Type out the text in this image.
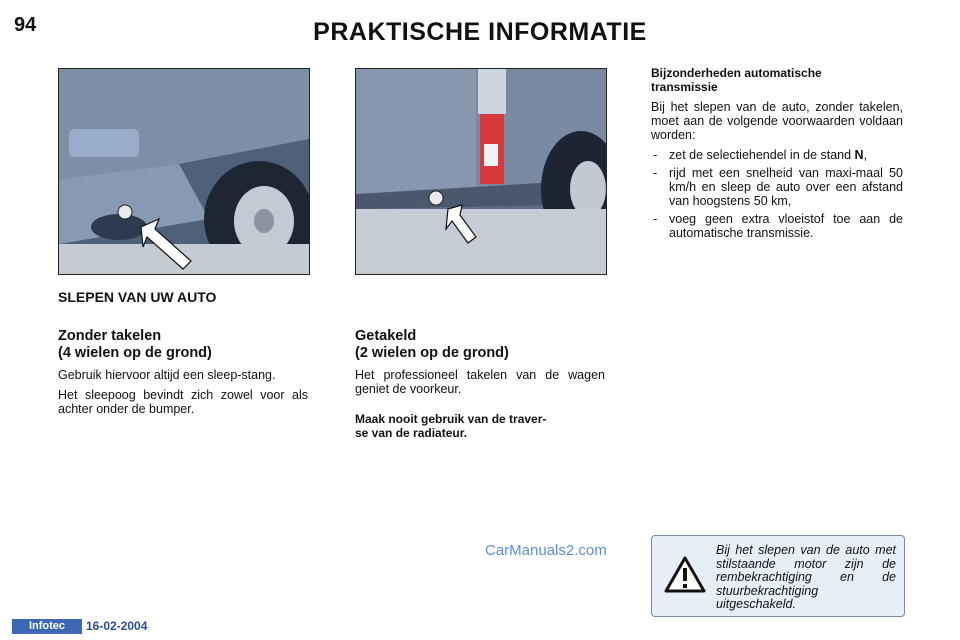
94	PRAKTISCHE INFORMATIE
SLEPEN VAN UW AUTO
Zonder takelen
(4 wielen op de grond)

Gebruik hiervoor altijd een sleep-stang.

Het sleepoog bevindt zich zowel voor als achter onder de bumper.

Getakeld
(2 wielen op de grond)

Het professioneel takelen van de wagen geniet de voorkeur.

Maak nooit gebruik van de traver-
se van de radiateur.
Bijzonderheden automatische
transmissie

Bij het slepen van de auto, zonder takelen, moet aan de volgende voorwaarden voldaan worden:

- zet de selectiehendel in de stand N,
- rijd met een snelheid van maxi-maal 50 km/h en sleep de auto over een afstand van hoogstens 50 km,
- voeg geen extra vloeistof toe aan de automatische transmissie.
CarManuals2.com	Bij het slepen van de auto met stilstaande motor zijn de rembekrachtiging en de stuurbekrachtiging uitgeschakeld.
Infotec	16-02-2004
